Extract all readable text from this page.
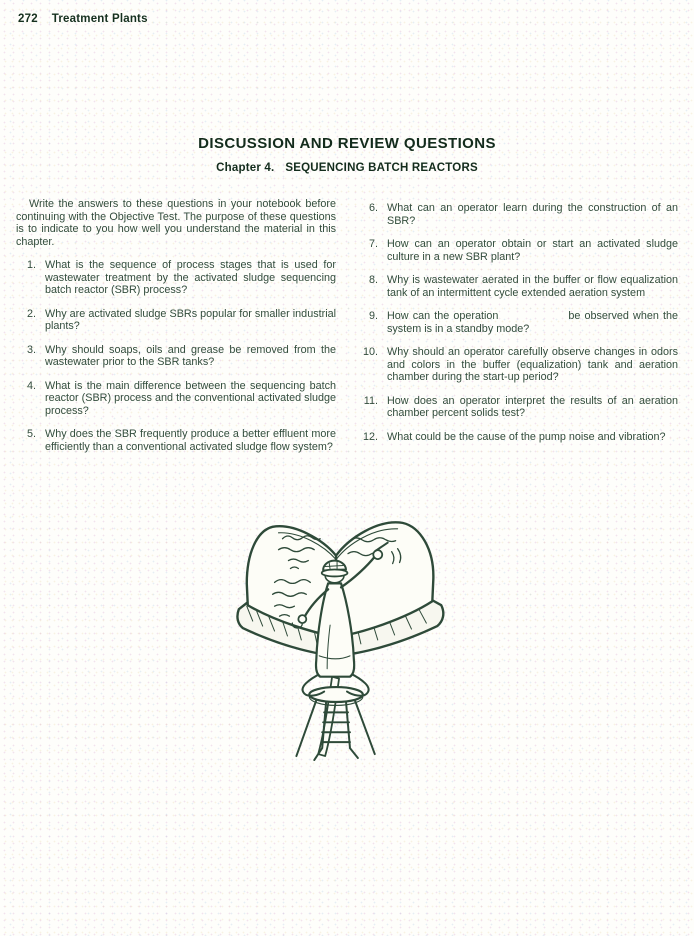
272 Treatment Plants
DISCUSSION AND REVIEW QUESTIONS
Chapter 4. SEQUENCING BATCH REACTORS

Write the answers to these questions in your notebook before continuing with the Objective Test. The purpose of these questions is to indicate to you how well you understand the material in this chapter.

1. What is the sequence of process stages that is used for wastewater treatment by the activated sludge sequencing batch reactor (SBR) process?
2. Why are activated sludge SBRs popular for smaller industrial plants?
3. Why should soaps, oils and grease be removed from the wastewater prior to the SBR tanks?
4. What is the main difference between the sequencing batch reactor (SBR) process and the conventional activated sludge process?
5. Why does the SBR frequently produce a better effluent more efficiently than a conventional activated sludge flow system?
6. What can an operator learn during the construction of an SBR?
7. How can an operator obtain or start an activated sludge culture in a new SBR plant?
8. Why is wastewater aerated in the buffer or flow equalization tank of an intermittent cycle extended aeration system
9. How can the operation	be observed when the system is in a standby mode?
10. Why should an operator carefully observe changes in odors and colors in the buffer (equalization) tank and aeration chamber during the start-up period?
11. How does an operator interpret the results of an aeration chamber percent solids test?
12. What could be the cause of the pump noise and vibration?
